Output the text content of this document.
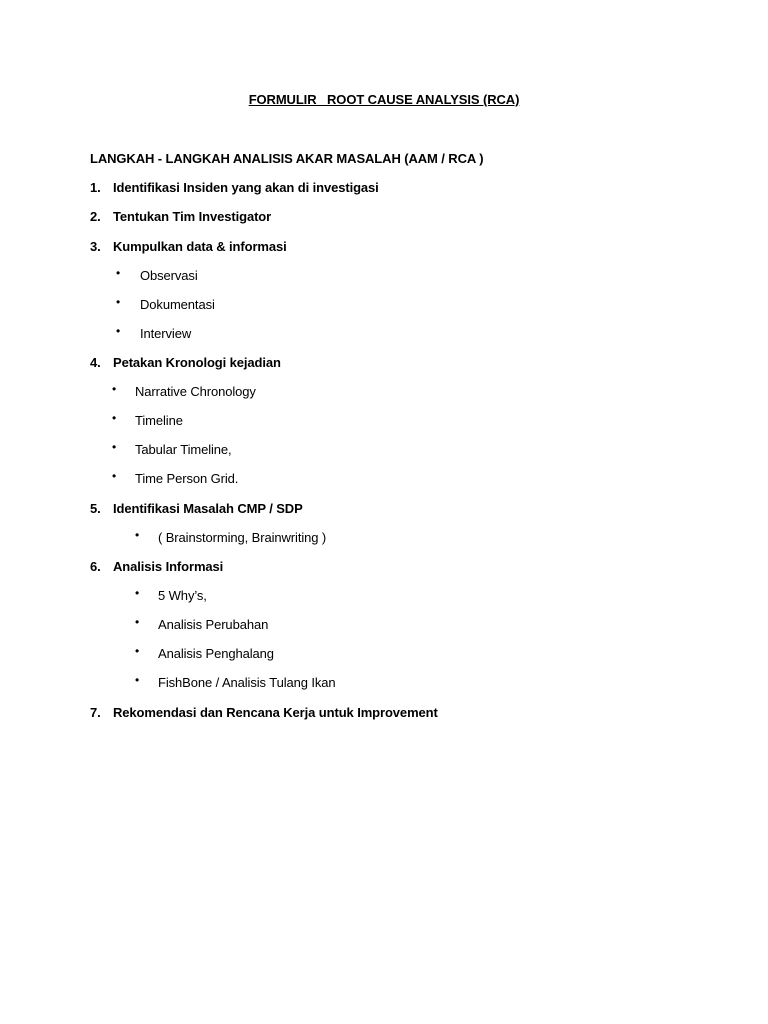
FORMULIR   ROOT CAUSE ANALYSIS (RCA)
LANGKAH - LANGKAH ANALISIS AKAR MASALAH (AAM / RCA )
1. Identifikasi Insiden yang akan di investigasi
2. Tentukan Tim Investigator
3. Kumpulkan data & informasi
• Observasi
• Dokumentasi
• Interview
4. Petakan Kronologi kejadian
• Narrative Chronology
• Timeline
• Tabular Timeline,
• Time Person Grid.
5. Identifikasi Masalah CMP / SDP
• ( Brainstorming, Brainwriting )
6. Analisis Informasi
• 5 Why’s,
• Analisis Perubahan
• Analisis Penghalang
• FishBone / Analisis Tulang Ikan
7. Rekomendasi dan Rencana Kerja untuk Improvement
